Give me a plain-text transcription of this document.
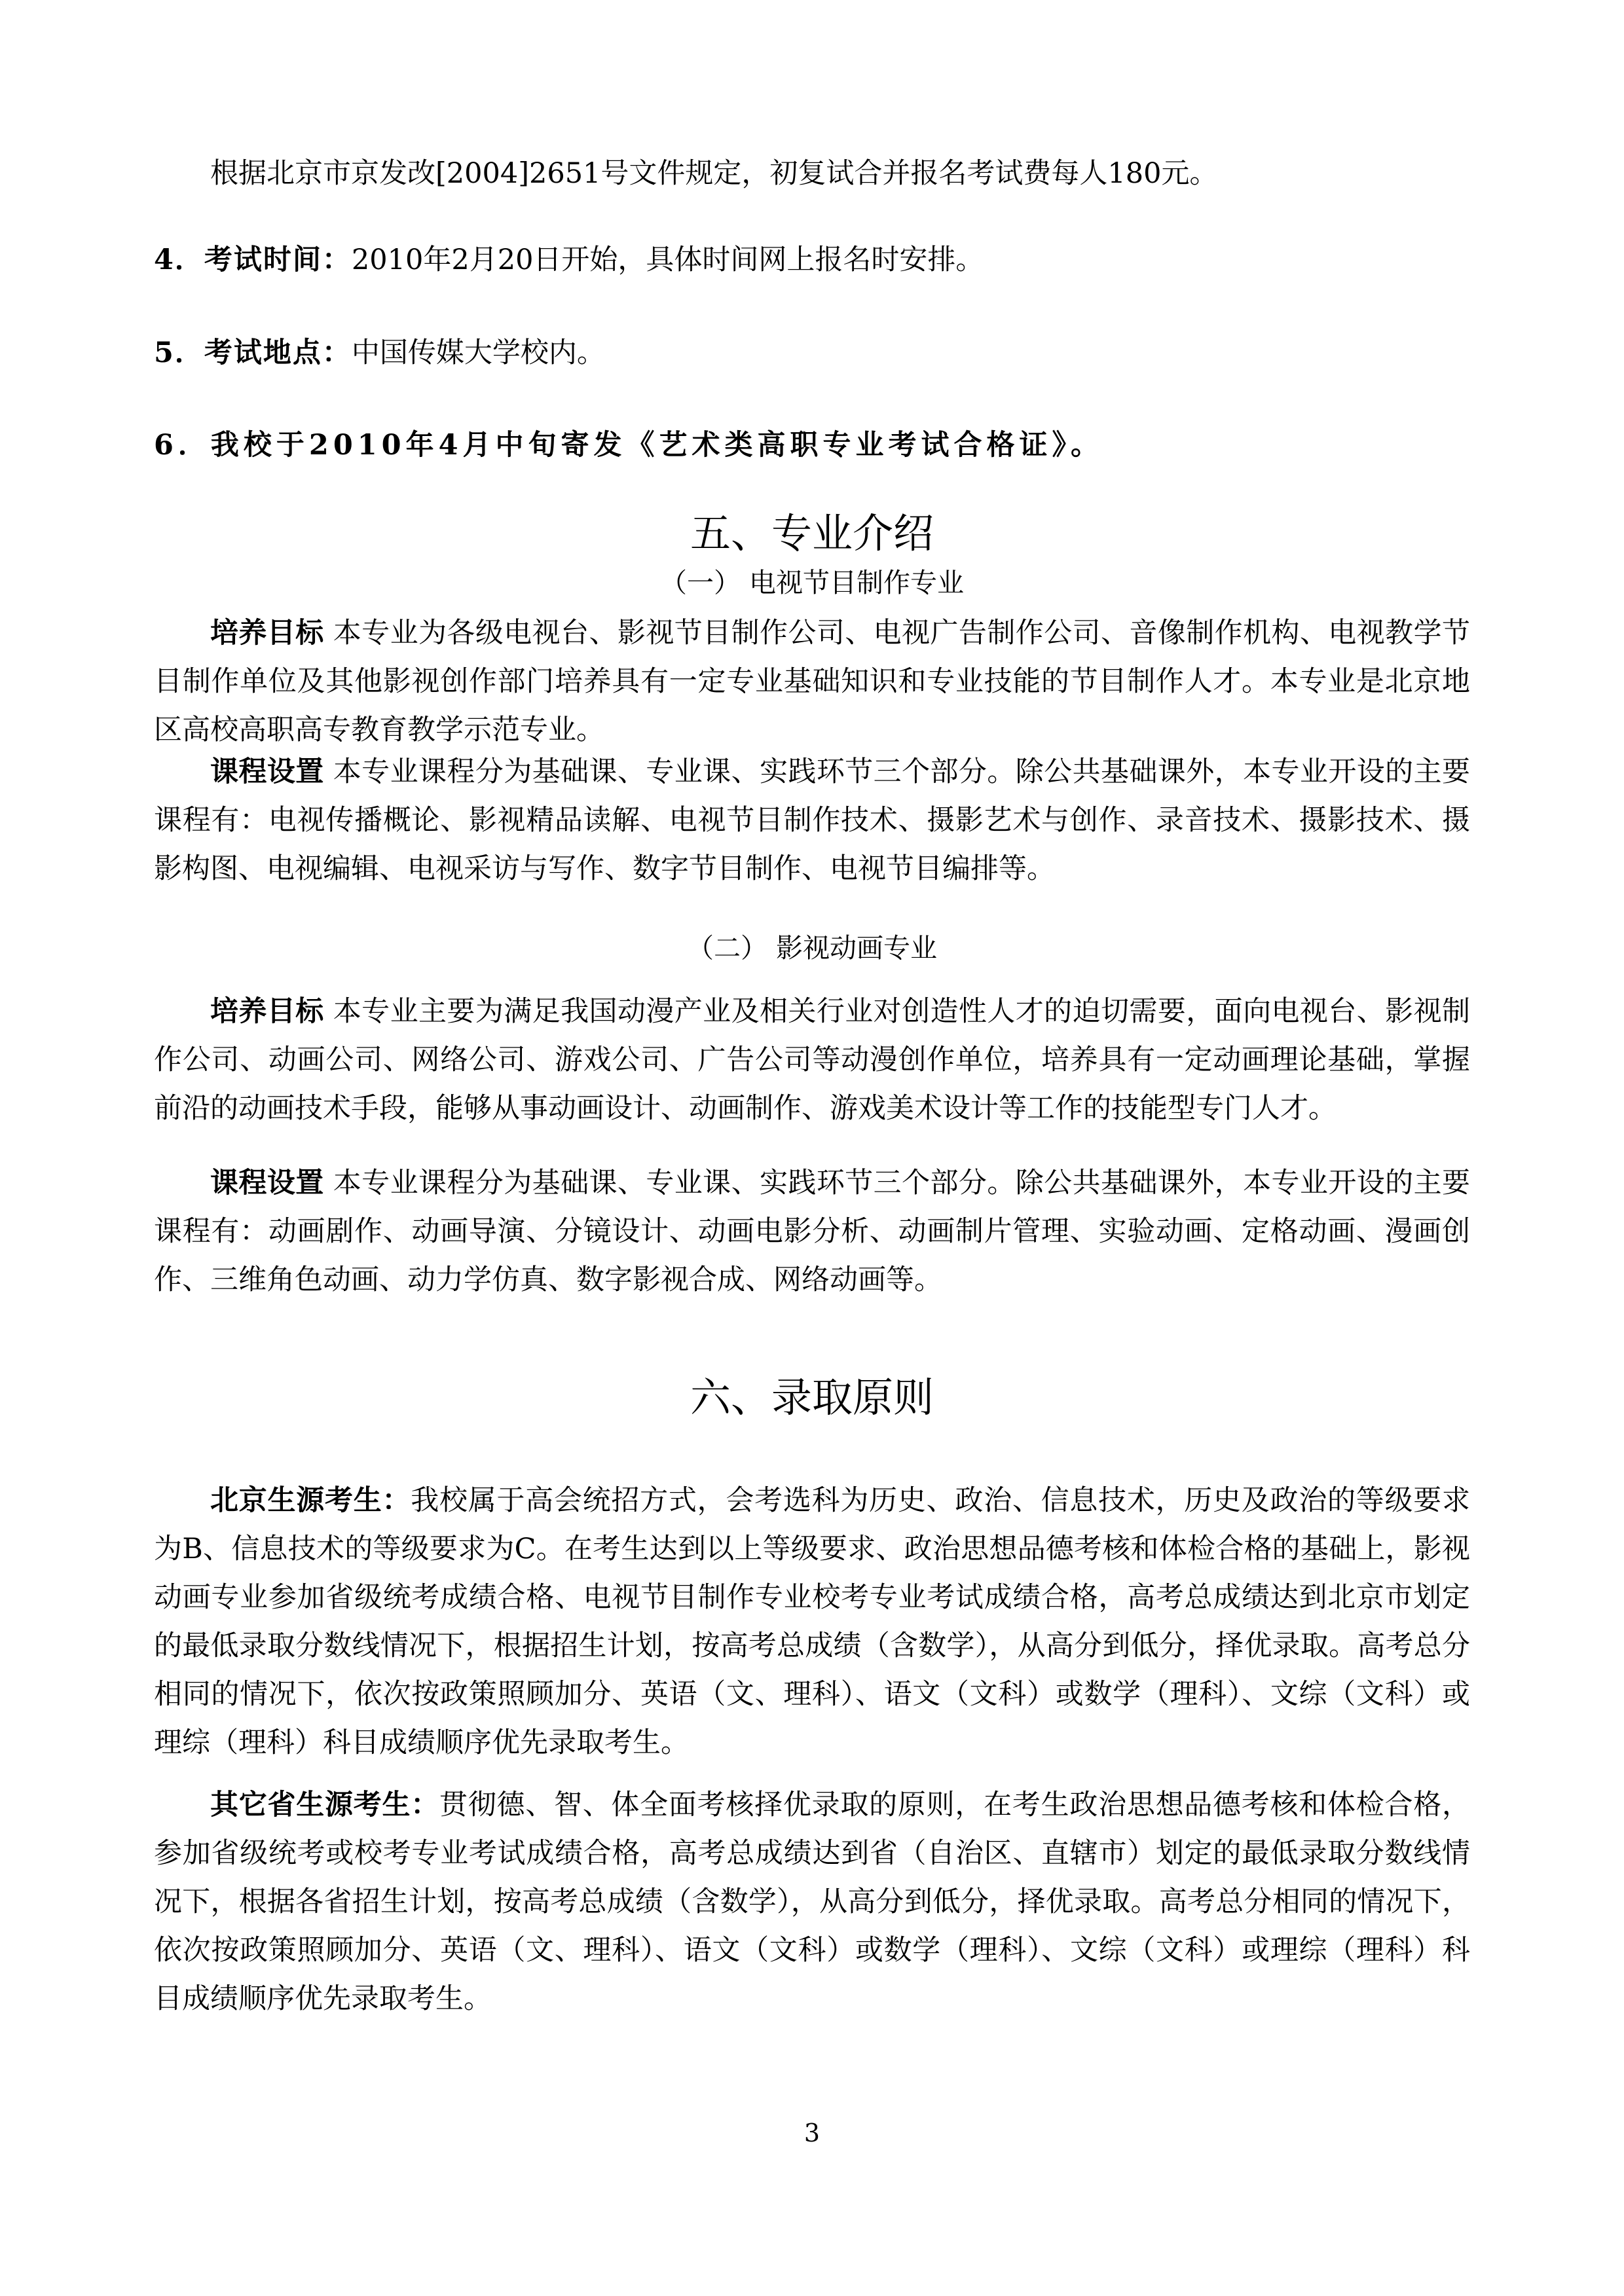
根据北京市京发改[2004]2651号文件规定，初复试合并报名考试费每人180元。

4．考试时间：2010年2月20日开始，具体时间网上报名时安排。

5．考试地点：中国传媒大学校内。

6．我校于2010年4月中旬寄发《艺术类高职专业考试合格证》。

五、专业介绍

（一） 电视节目制作专业

培养目标 本专业为各级电视台、影视节目制作公司、电视广告制作公司、音像制作机构、电视教学节目制作单位及其他影视创作部门培养具有一定专业基础知识和专业技能的节目制作人才。本专业是北京地区高校高职高专教育教学示范专业。

课程设置 本专业课程分为基础课、专业课、实践环节三个部分。除公共基础课外，本专业开设的主要课程有：电视传播概论、影视精品读解、电视节目制作技术、摄影艺术与创作、录音技术、摄影技术、摄影构图、电视编辑、电视采访与写作、数字节目制作、电视节目编排等。

（二） 影视动画专业

培养目标 本专业主要为满足我国动漫产业及相关行业对创造性人才的迫切需要，面向电视台、影视制作公司、动画公司、网络公司、游戏公司、广告公司等动漫创作单位，培养具有一定动画理论基础，掌握前沿的动画技术手段，能够从事动画设计、动画制作、游戏美术设计等工作的技能型专门人才。

课程设置 本专业课程分为基础课、专业课、实践环节三个部分。除公共基础课外，本专业开设的主要课程有：动画剧作、动画导演、分镜设计、动画电影分析、动画制片管理、实验动画、定格动画、漫画创作、三维角色动画、动力学仿真、数字影视合成、网络动画等。

六、录取原则

北京生源考生：我校属于高会统招方式，会考选科为历史、政治、信息技术，历史及政治的等级要求为B、信息技术的等级要求为C。在考生达到以上等级要求、政治思想品德考核和体检合格的基础上，影视动画专业参加省级统考成绩合格、电视节目制作专业校考专业考试成绩合格，高考总成绩达到北京市划定的最低录取分数线情况下，根据招生计划，按高考总成绩（含数学），从高分到低分，择优录取。高考总分相同的情况下，依次按政策照顾加分、英语（文、理科）、语文（文科）或数学（理科）、文综（文科）或理综（理科）科目成绩顺序优先录取考生。

其它省生源考生：贯彻德、智、体全面考核择优录取的原则，在考生政治思想品德考核和体检合格，参加省级统考或校考专业考试成绩合格，高考总成绩达到省（自治区、直辖市）划定的最低录取分数线情况下，根据各省招生计划，按高考总成绩（含数学），从高分到低分，择优录取。高考总分相同的情况下，依次按政策照顾加分、英语（文、理科）、语文（文科）或数学（理科）、文综（文科）或理综（理科）科目成绩顺序优先录取考生。

3
